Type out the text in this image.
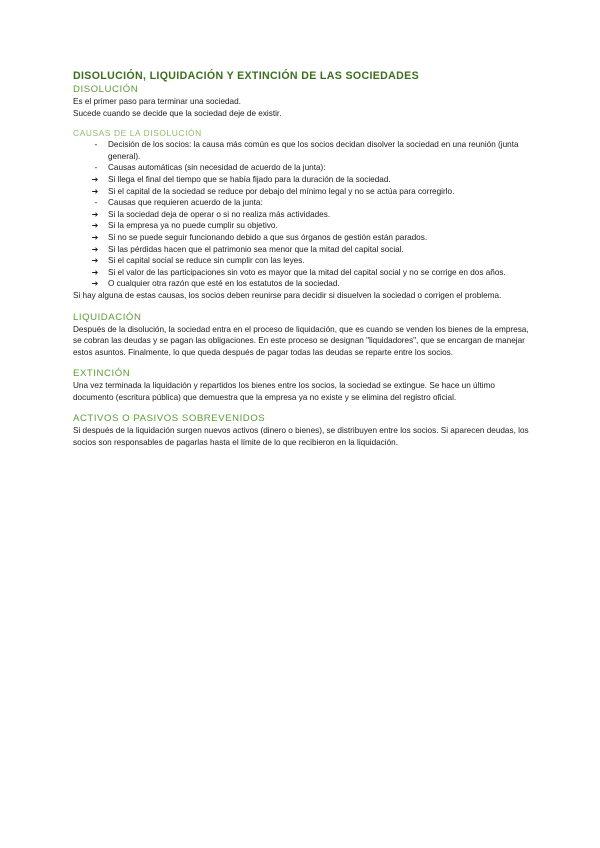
DISOLUCIÓN, LIQUIDACIÓN Y EXTINCIÓN DE LAS SOCIEDADES
DISOLUCIÓN

Es el primer paso para terminar una sociedad.

Sucede cuando se decide que la sociedad deje de existir.

CAUSAS DE LA DISOLUCIÓN
-	Decisión de los socios: la causa más común es que los socios decidan disolver la sociedad en una reunión (junta general).
-	Causas automáticas (sin necesidad de acuerdo de la junta):
➔	Si llega el final del tiempo que se había fijado para la duración de la sociedad.
➔	Si el capital de la sociedad se reduce por debajo del mínimo legal y no se actúa para corregirlo.
-	Causas que requieren acuerdo de la junta:
➔	Si la sociedad deja de operar o si no realiza más actividades.
➔	Si la empresa ya no puede cumplir su objetivo.
➔	Si no se puede seguir funcionando debido a que sus órganos de gestión están parados.
➔	Si las pérdidas hacen que el patrimonio sea menor que la mitad del capital social.
➔	Si el capital social se reduce sin cumplir con las leyes.
➔	Si el valor de las participaciones sin voto es mayor que la mitad del capital social y no se corrige en dos años.
➔	O cualquier otra razón que esté en los estatutos de la sociedad.

Si hay alguna de estas causas, los socios deben reunirse para decidir si disuelven la sociedad o corrigen el problema.

LIQUIDACIÓN

Después de la disolución, la sociedad entra en el proceso de liquidación, que es cuando se venden los bienes de la empresa, se cobran las deudas y se pagan las obligaciones. En este proceso se designan "liquidadores", que se encargan de manejar estos asuntos. Finalmente, lo que queda después de pagar todas las deudas se reparte entre los socios.

EXTINCIÓN

Una vez terminada la liquidación y repartidos los bienes entre los socios, la sociedad se extingue. Se hace un último documento (escritura pública) que demuestra que la empresa ya no existe y se elimina del registro oficial.

ACTIVOS O PASIVOS SOBREVENIDOS

Si después de la liquidación surgen nuevos activos (dinero o bienes), se distribuyen entre los socios. Si aparecen deudas, los socios son responsables de pagarlas hasta el límite de lo que recibieron en la liquidación.
